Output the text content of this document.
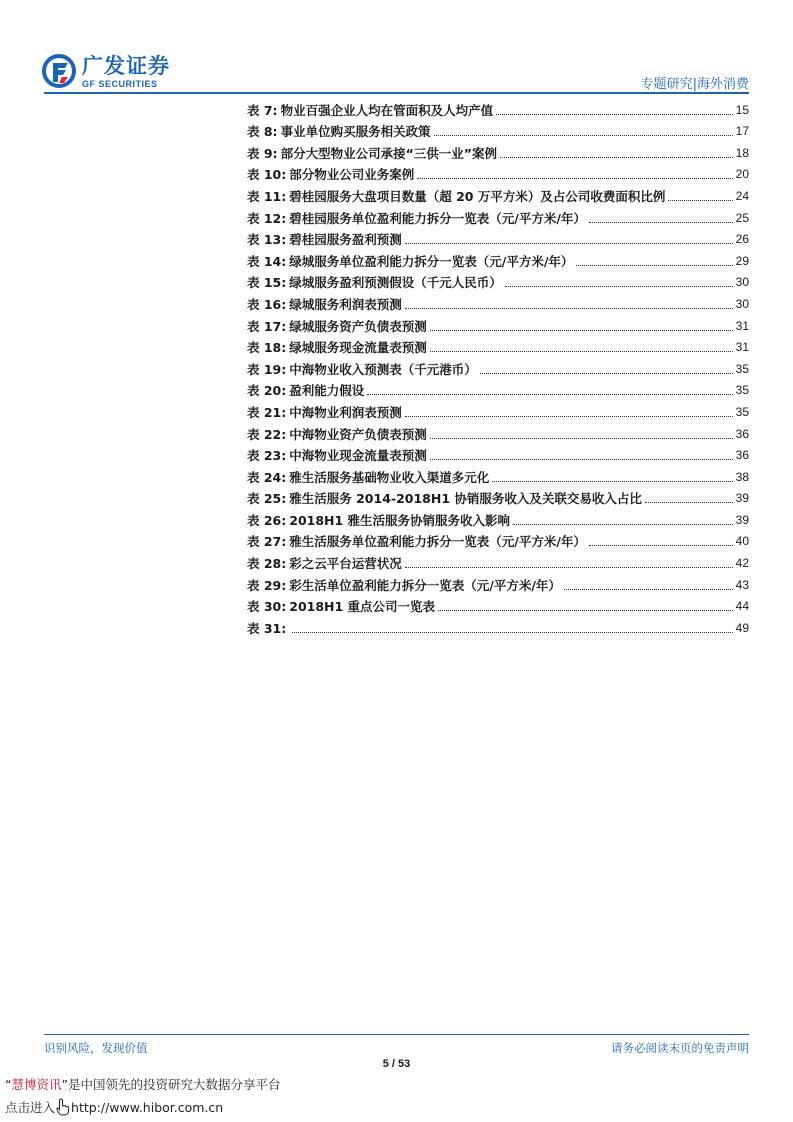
广发证券
GF SECURITIES	专题研究|海外消费
表 7: 物业百强企业人均在管面积及人均产值	15
表 8: 事业单位购买服务相关政策	17
表 9: 部分大型物业公司承接“三供一业”案例	18
表 10: 部分物业公司业务案例	20
表 11: 碧桂园服务大盘项目数量（超 20 万平方米）及占公司收费面积比例	24
表 12: 碧桂园服务单位盈利能力拆分一览表（元/平方米/年）	25
表 13: 碧桂园服务盈利预测	26
表 14: 绿城服务单位盈利能力拆分一览表（元/平方米/年）	29
表 15: 绿城服务盈利预测假设（千元人民币）	30
表 16: 绿城服务利润表预测	30
表 17: 绿城服务资产负债表预测	31
表 18: 绿城服务现金流量表预测	31
表 19: 中海物业收入预测表（千元港币）	35
表 20: 盈利能力假设	35
表 21: 中海物业利润表预测	35
表 22: 中海物业资产负债表预测	36
表 23: 中海物业现金流量表预测	36
表 24: 雅生活服务基础物业收入渠道多元化	38
表 25: 雅生活服务 2014-2018H1 协销服务收入及关联交易收入占比	39
表 26: 2018H1 雅生活服务协销服务收入影响	39
表 27: 雅生活服务单位盈利能力拆分一览表（元/平方米/年）	40
表 28: 彩之云平台运营状况	42
表 29: 彩生活单位盈利能力拆分一览表（元/平方米/年）	43
表 30: 2018H1 重点公司一览表	44
表 31:	49
识别风险，发现价值	请务必阅读末页的免责声明
5 / 53
“慧博资讯”是中国领先的投资研究大数据分享平台
点击进入 http://www.hibor.com.cn
